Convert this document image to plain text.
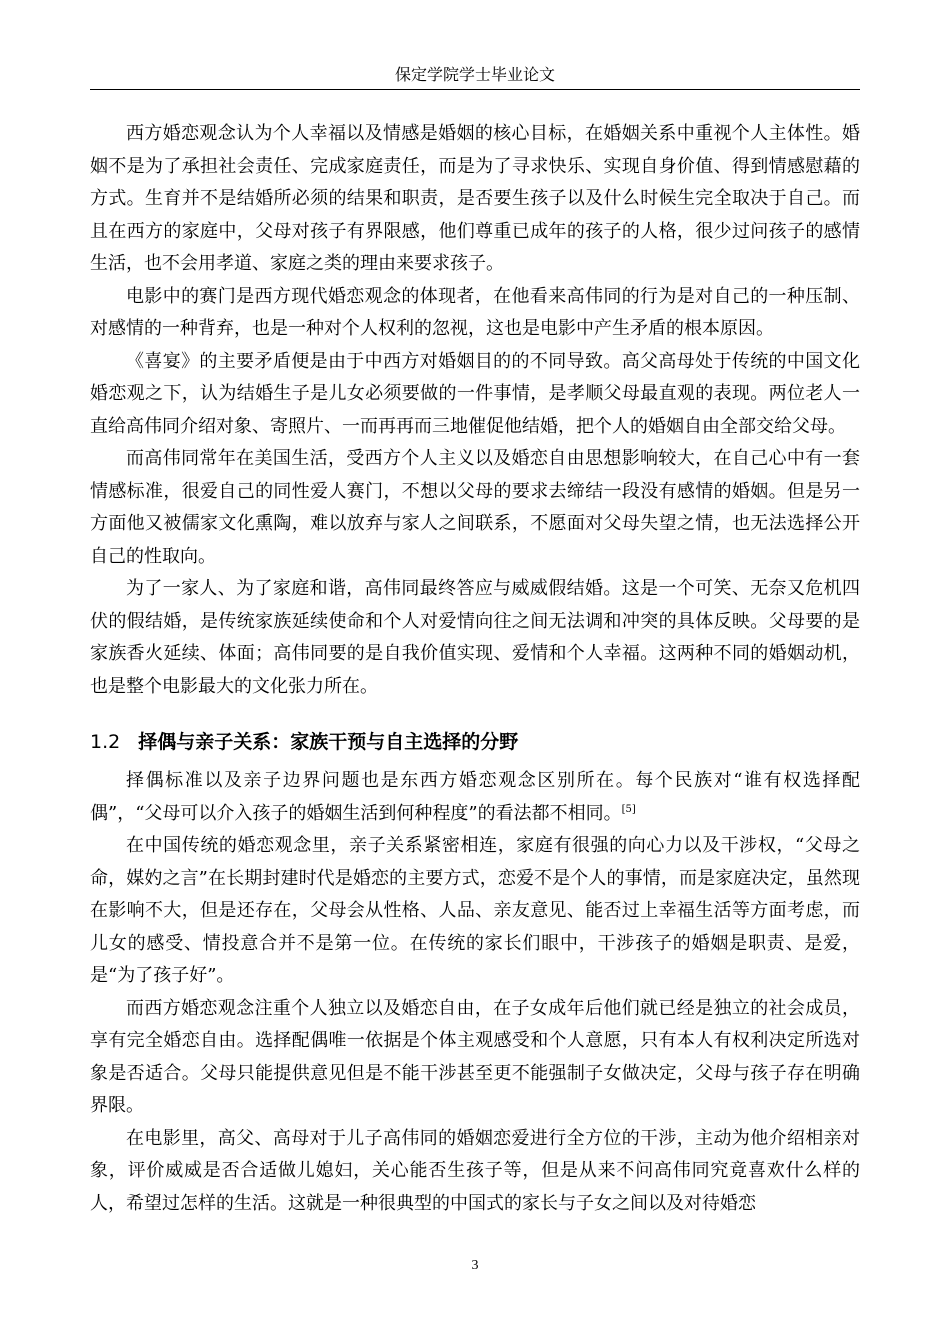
保定学院学士毕业论文

西方婚恋观念认为个人幸福以及情感是婚姻的核心目标，在婚姻关系中重视个人主体性。婚姻不是为了承担社会责任、完成家庭责任，而是为了寻求快乐、实现自身价值、得到情感慰藉的方式。生育并不是结婚所必须的结果和职责，是否要生孩子以及什么时候生完全取决于自己。而且在西方的家庭中，父母对孩子有界限感，他们尊重已成年的孩子的人格，很少过问孩子的感情生活，也不会用孝道、家庭之类的理由来要求孩子。

电影中的赛门是西方现代婚恋观念的体现者，在他看来高伟同的行为是对自己的一种压制、对感情的一种背弃，也是一种对个人权利的忽视，这也是电影中产生矛盾的根本原因。

《喜宴》的主要矛盾便是由于中西方对婚姻目的的不同导致。高父高母处于传统的中国文化婚恋观之下，认为结婚生子是儿女必须要做的一件事情，是孝顺父母最直观的表现。两位老人一直给高伟同介绍对象、寄照片、一而再再而三地催促他结婚，把个人的婚姻自由全部交给父母。

而高伟同常年在美国生活，受西方个人主义以及婚恋自由思想影响较大，在自己心中有一套情感标准，很爱自己的同性爱人赛门，不想以父母的要求去缔结一段没有感情的婚姻。但是另一方面他又被儒家文化熏陶，难以放弃与家人之间联系，不愿面对父母失望之情，也无法选择公开自己的性取向。

为了一家人、为了家庭和谐，高伟同最终答应与威威假结婚。这是一个可笑、无奈又危机四伏的假结婚，是传统家族延续使命和个人对爱情向往之间无法调和冲突的具体反映。父母要的是家族香火延续、体面；高伟同要的是自我价值实现、爱情和个人幸福。这两种不同的婚姻动机，也是整个电影最大的文化张力所在。

1.2 择偶与亲子关系：家族干预与自主选择的分野

择偶标准以及亲子边界问题也是东西方婚恋观念区别所在。每个民族对“谁有权选择配偶”，“父母可以介入孩子的婚姻生活到何种程度”的看法都不相同。[5]

在中国传统的婚恋观念里，亲子关系紧密相连，家庭有很强的向心力以及干涉权，“父母之命，媒妁之言”在长期封建时代是婚恋的主要方式，恋爱不是个人的事情，而是家庭决定，虽然现在影响不大，但是还存在，父母会从性格、人品、亲友意见、能否过上幸福生活等方面考虑，而儿女的感受、情投意合并不是第一位。在传统的家长们眼中，干涉孩子的婚姻是职责、是爱，是“为了孩子好”。

而西方婚恋观念注重个人独立以及婚恋自由，在子女成年后他们就已经是独立的社会成员，享有完全婚恋自由。选择配偶唯一依据是个体主观感受和个人意愿，只有本人有权利决定所选对象是否适合。父母只能提供意见但是不能干涉甚至更不能强制子女做决定，父母与孩子存在明确界限。

在电影里，高父、高母对于儿子高伟同的婚姻恋爱进行全方位的干涉，主动为他介绍相亲对象，评价威威是否合适做儿媳妇，关心能否生孩子等，但是从来不问高伟同究竟喜欢什么样的人，希望过怎样的生活。这就是一种很典型的中国式的家长与子女之间以及对待婚恋

3
